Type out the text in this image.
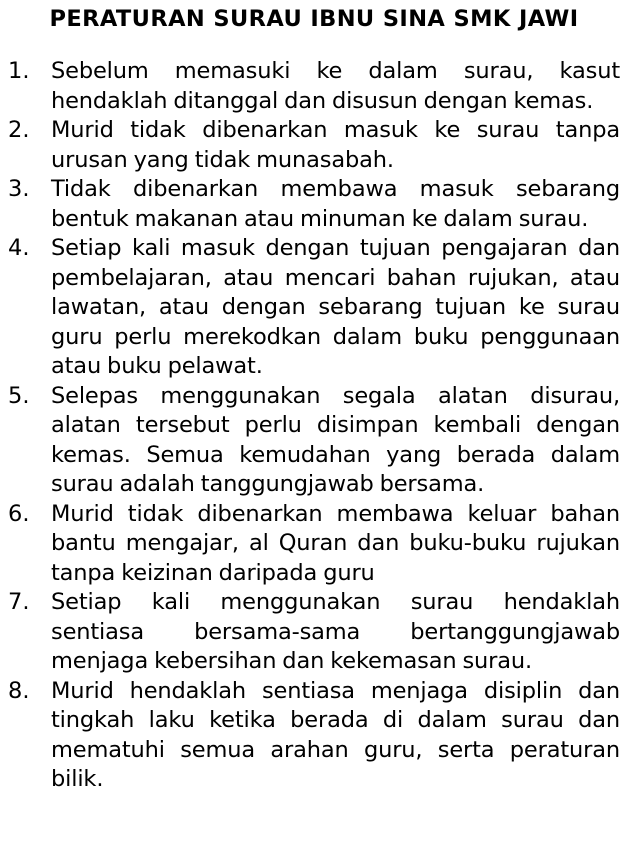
PERATURAN SURAU IBNU SINA SMK JAWI
1. Sebelum memasuki ke dalam surau, kasut hendaklah ditanggal dan disusun dengan kemas.
2. Murid tidak dibenarkan masuk ke surau tanpa urusan yang tidak munasabah.
3. Tidak dibenarkan membawa masuk sebarang bentuk makanan atau minuman ke dalam surau.
4. Setiap kali masuk dengan tujuan pengajaran dan pembelajaran, atau mencari bahan rujukan, atau lawatan, atau dengan sebarang tujuan ke surau guru perlu merekodkan dalam buku penggunaan atau buku pelawat.
5. Selepas menggunakan segala alatan disurau, alatan tersebut perlu disimpan kembali dengan kemas. Semua kemudahan yang berada dalam surau adalah tanggungjawab bersama.
6. Murid tidak dibenarkan membawa keluar bahan bantu mengajar, al Quran dan buku-buku rujukan tanpa keizinan daripada guru
7. Setiap kali menggunakan surau hendaklah sentiasa bersama-sama bertanggungjawab menjaga kebersihan dan kekemasan surau.
8. Murid hendaklah sentiasa menjaga disiplin dan tingkah laku ketika berada di dalam surau dan mematuhi semua arahan guru, serta peraturan bilik.
